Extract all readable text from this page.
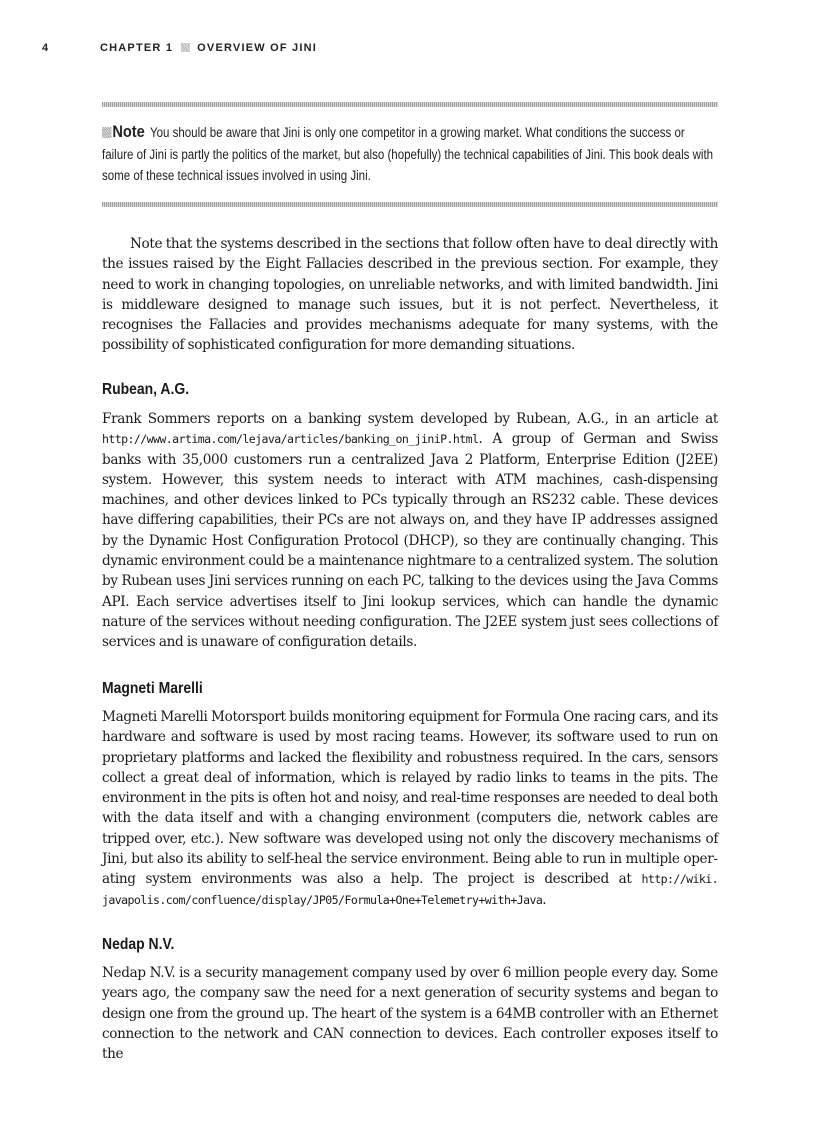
4	CHAPTER 1 OVERVIEW OF JINI
Note You should be aware that Jini is only one competitor in a growing market. What conditions the success or failure of Jini is partly the politics of the market, but also (hopefully) the technical capabilities of Jini. This book deals with some of these technical issues involved in using Jini.

Note that the systems described in the sections that follow often have to deal directly with the issues raised by the Eight Fallacies described in the previous section. For example, they need to work in changing topologies, on unreliable networks, and with limited bandwidth. Jini is middleware designed to manage such issues, but it is not perfect. Nevertheless, it recognises the Fallacies and provides mechanisms adequate for many systems, with the possibility of sophisticated configuration for more demanding situations.

Rubean, A.G.

Frank Sommers reports on a banking system developed by Rubean, A.G., in an article at http://www.artima.com/lejava/articles/banking_on_jiniP.html. A group of German and Swiss banks with 35,000 customers run a centralized Java 2 Platform, Enterprise Edition (J2EE) system. However, this system needs to interact with ATM machines, cash-dispensing machines, and other devices linked to PCs typically through an RS232 cable. These devices have differing capabilities, their PCs are not always on, and they have IP addresses assigned by the Dynamic Host Configuration Protocol (DHCP), so they are continually changing. This dynamic environment could be a maintenance nightmare to a centralized system. The solution by Rubean uses Jini services running on each PC, talking to the devices using the Java Comms API. Each service advertises itself to Jini lookup services, which can handle the dynamic nature of the services without needing configuration. The J2EE system just sees collections of services and is unaware of configuration details.

Magneti Marelli

Magneti Marelli Motorsport builds monitoring equipment for Formula One racing cars, and its hardware and software is used by most racing teams. However, its software used to run on proprietary platforms and lacked the flexibility and robustness required. In the cars, sensors collect a great deal of information, which is relayed by radio links to teams in the pits. The environment in the pits is often hot and noisy, and real-time responses are needed to deal both with the data itself and with a changing environment (computers die, network cables are tripped over, etc.). New software was developed using not only the discovery mechanisms of Jini, but also its ability to self-heal the service environment. Being able to run in multiple operating system environments was also a help. The project is described at http://wiki.​javapolis.com/confluence/display/JP05/Formula+One+Telemetry+with+Java.

Nedap N.V.

Nedap N.V. is a security management company used by over 6 million people every day. Some years ago, the company saw the need for a next generation of security systems and began to design one from the ground up. The heart of the system is a 64MB controller with an Ethernet connection to the network and CAN connection to devices. Each controller exposes itself to the
